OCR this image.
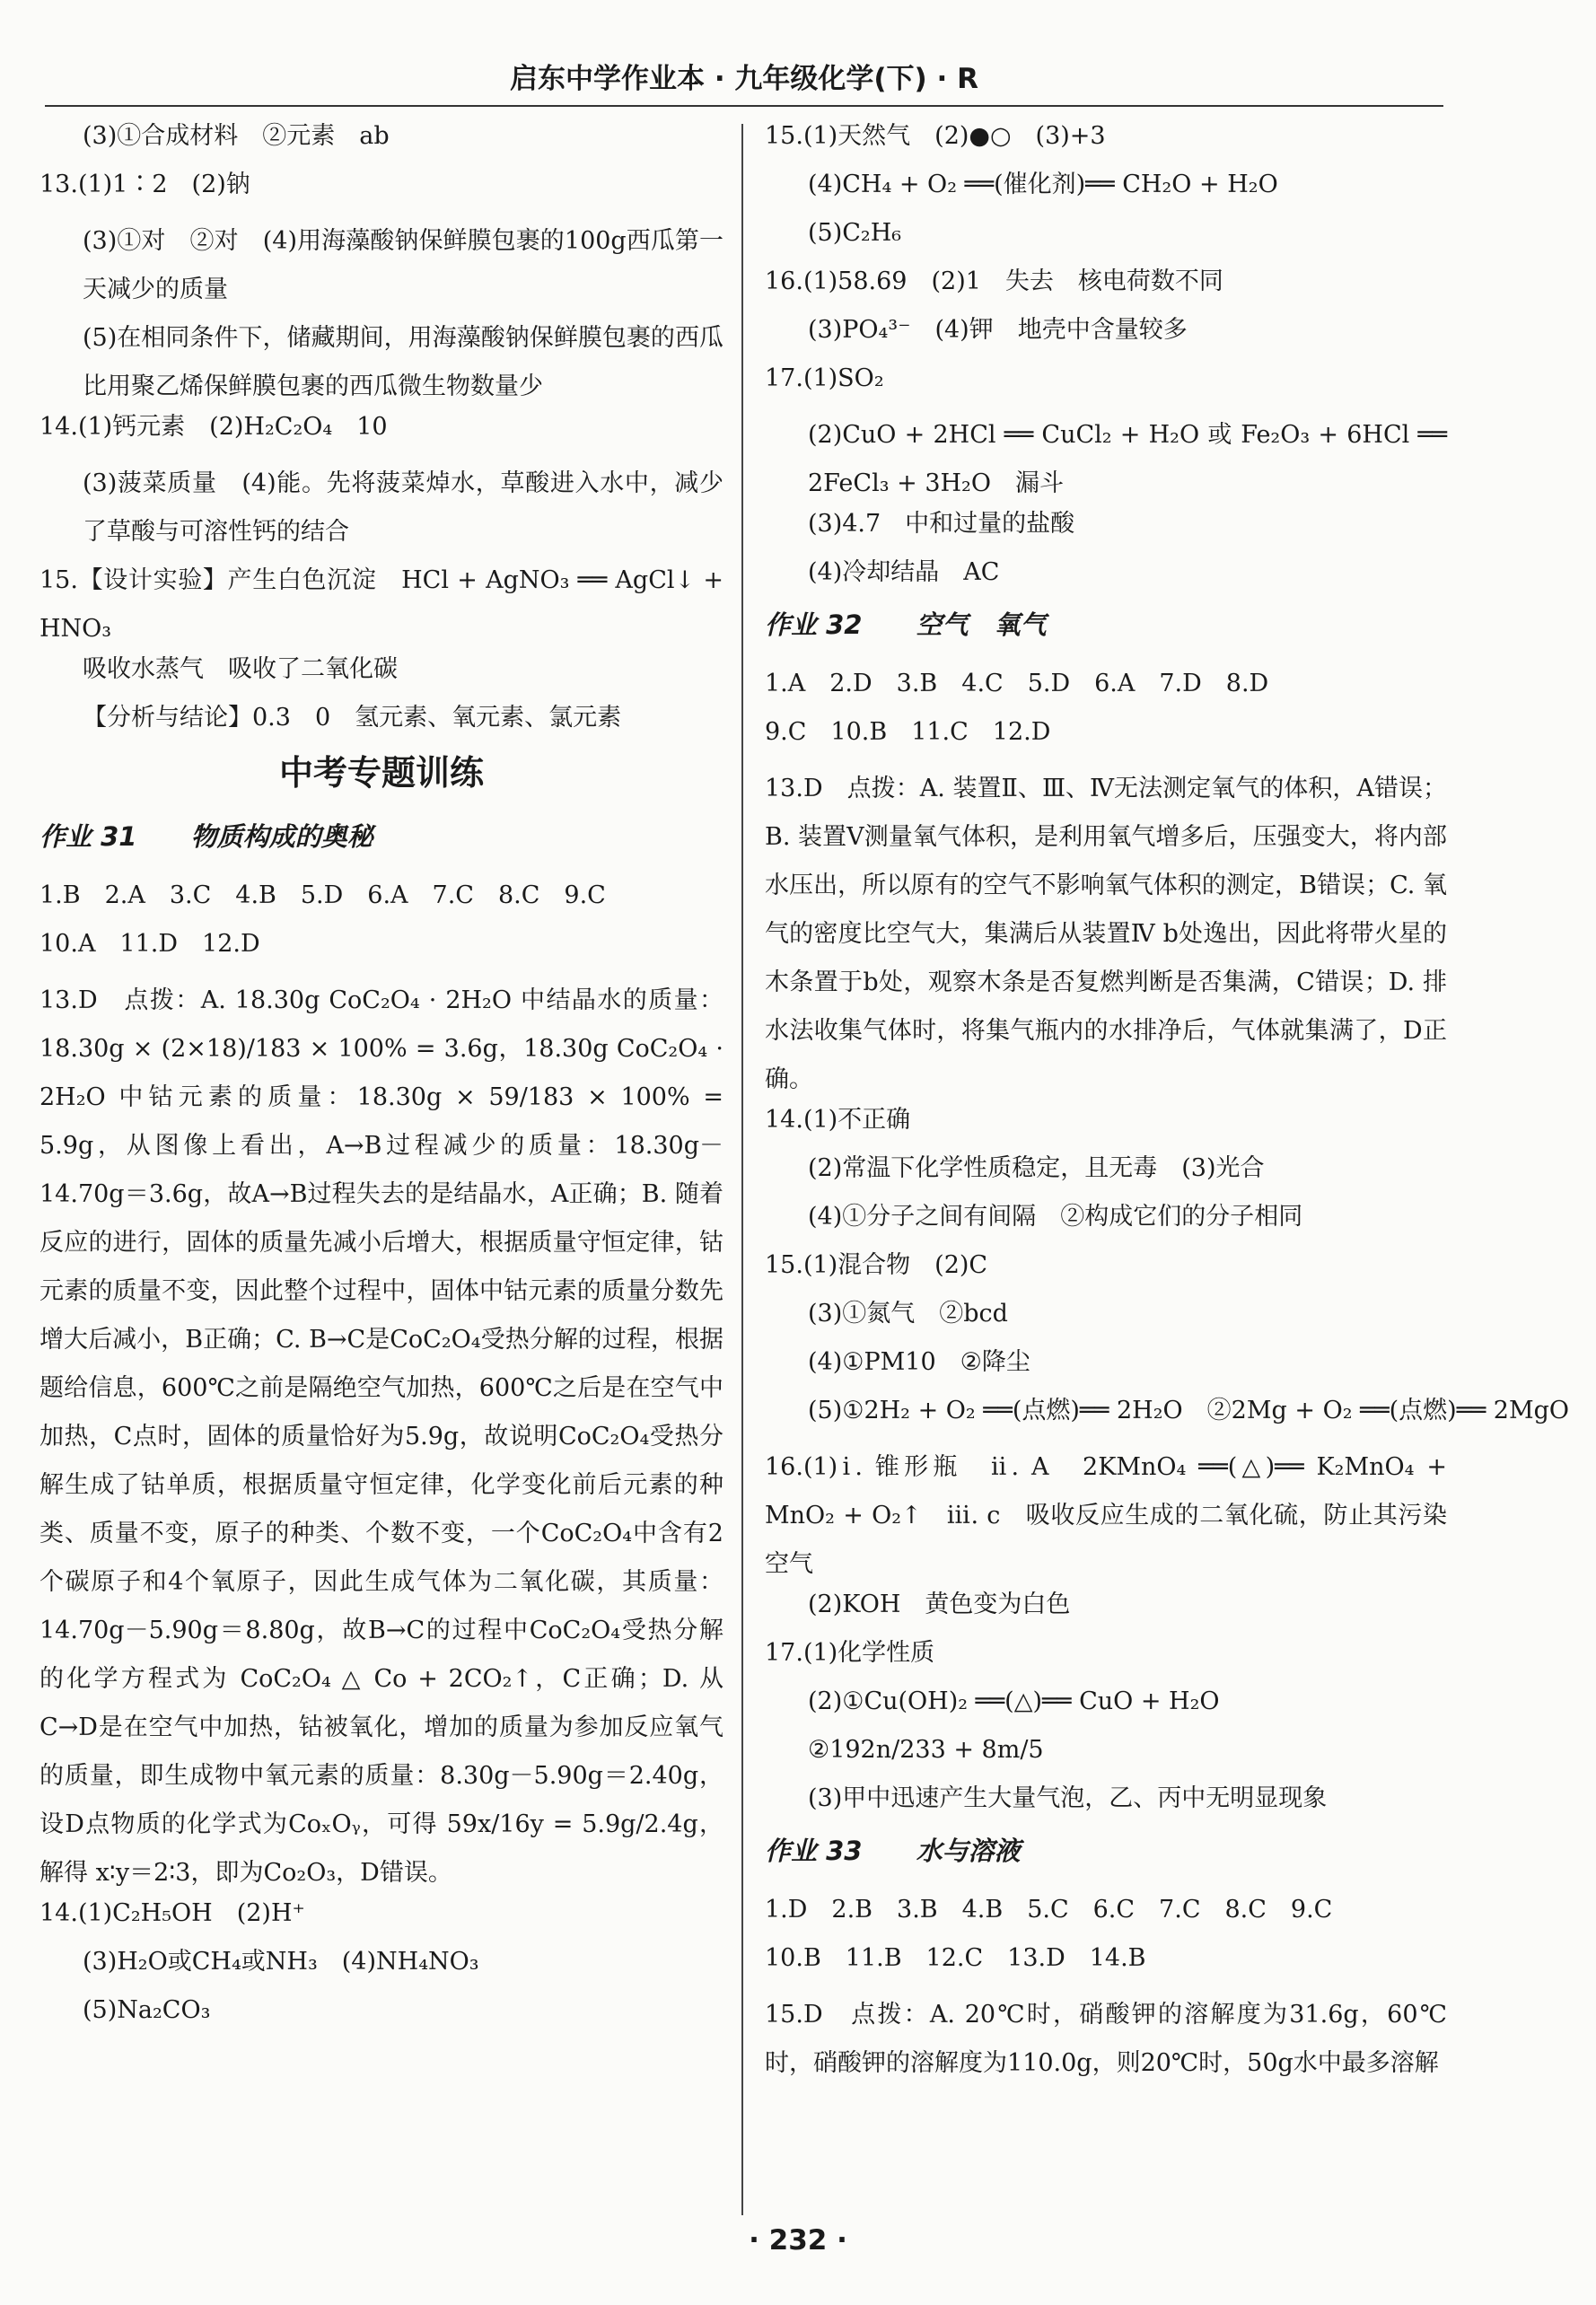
启东中学作业本 · 九年级化学(下) · R
(3)①合成材料　②元素　ab
13.(1)1∶2　(2)钠
(3)①对　②对　(4)用海藻酸钠保鲜膜包裹的100g西瓜第一天减少的质量
(5)在相同条件下，储藏期间，用海藻酸钠保鲜膜包裹的西瓜比用聚乙烯保鲜膜包裹的西瓜微生物数量少
14.(1)钙元素　(2)H₂C₂O₄　10
(3)菠菜质量　(4)能。先将菠菜焯水，草酸进入水中，减少了草酸与可溶性钙的结合
15.【设计实验】产生白色沉淀　HCl + AgNO₃ ══ AgCl↓ + HNO₃
吸收水蒸气　吸收了二氧化碳
【分析与结论】0.3　0　氢元素、氧元素、氯元素
中考专题训练
作业 31 物质构成的奥秘
1.B　2.A　3.C　4.B　5.D　6.A　7.C　8.C　9.C
10.A　11.D　12.D
13.D　点拨：A. 18.30g CoC₂O₄ · 2H₂O 中结晶水的质量：18.30g × (2×18)/183 × 100% = 3.6g，18.30g CoC₂O₄ · 2H₂O 中钴元素的质量：18.30g × 59/183 × 100% = 5.9g，从图像上看出，A→B过程减少的质量：18.30g－14.70g＝3.6g，故A→B过程失去的是结晶水，A正确；B. 随着反应的进行，固体的质量先减小后增大，根据质量守恒定律，钴元素的质量不变，因此整个过程中，固体中钴元素的质量分数先增大后减小，B正确；C. B→C是CoC₂O₄受热分解的过程，根据题给信息，600℃之前是隔绝空气加热，600℃之后是在空气中加热，C点时，固体的质量恰好为5.9g，故说明CoC₂O₄受热分解生成了钴单质，根据质量守恒定律，化学变化前后元素的种类、质量不变，原子的种类、个数不变，一个CoC₂O₄中含有2个碳原子和4个氧原子，因此生成气体为二氧化碳，其质量：14.70g－5.90g＝8.80g，故B→C的过程中CoC₂O₄受热分解的化学方程式为 CoC₂O₄ △ Co + 2CO₂↑，C正确；D. 从C→D是在空气中加热，钴被氧化，增加的质量为参加反应氧气的质量，即生成物中氧元素的质量：8.30g－5.90g＝2.40g，设D点物质的化学式为CoₓOᵧ，可得 59x/16y = 5.9g/2.4g，解得 x∶y＝2∶3，即为Co₂O₃，D错误。
14.(1)C₂H₅OH　(2)H⁺
(3)H₂O或CH₄或NH₃　(4)NH₄NO₃
(5)Na₂CO₃
15.(1)天然气　(2)●○　(3)+3
(4)CH₄ + O₂ ══(催化剂)══ CH₂O + H₂O
(5)C₂H₆
16.(1)58.69　(2)1　失去　核电荷数不同
(3)PO₄³⁻　(4)钾　地壳中含量较多
17.(1)SO₂
(2)CuO + 2HCl ══ CuCl₂ + H₂O 或 Fe₂O₃ + 6HCl ══ 2FeCl₃ + 3H₂O　漏斗
(3)4.7　中和过量的盐酸
(4)冷却结晶　AC
作业 32 空气　氧气
1.A　2.D　3.B　4.C　5.D　6.A　7.D　8.D
9.C　10.B　11.C　12.D
13.D　点拨：A. 装置Ⅱ、Ⅲ、Ⅳ无法测定氧气的体积，A错误；B. 装置Ⅴ测量氧气体积，是利用氧气增多后，压强变大，将内部水压出，所以原有的空气不影响氧气体积的测定，B错误；C. 氧气的密度比空气大，集满后从装置Ⅳ b处逸出，因此将带火星的木条置于b处，观察木条是否复燃判断是否集满，C错误；D. 排水法收集气体时，将集气瓶内的水排净后，气体就集满了，D正确。
14.(1)不正确
(2)常温下化学性质稳定，且无毒　(3)光合
(4)①分子之间有间隔　②构成它们的分子相同
15.(1)混合物　(2)C
(3)①氮气　②bcd
(4)①PM10　②降尘
(5)①2H₂ + O₂ ══(点燃)══ 2H₂O　②2Mg + O₂ ══(点燃)══ 2MgO
16.(1)ⅰ. 锥形瓶　ⅱ. A　2KMnO₄ ══(△)══ K₂MnO₄ + MnO₂ + O₂↑　ⅲ. c　吸收反应生成的二氧化硫，防止其污染空气
(2)KOH　黄色变为白色
17.(1)化学性质
(2)①Cu(OH)₂ ══(△)══ CuO + H₂O
②192n/233 + 8m/5
(3)甲中迅速产生大量气泡，乙、丙中无明显现象
作业 33 水与溶液
1.D　2.B　3.B　4.B　5.C　6.C　7.C　8.C　9.C
10.B　11.B　12.C　13.D　14.B
15.D　点拨：A. 20℃时，硝酸钾的溶解度为31.6g，60℃时，硝酸钾的溶解度为110.0g，则20℃时，50g水中最多溶解
· 232 ·
